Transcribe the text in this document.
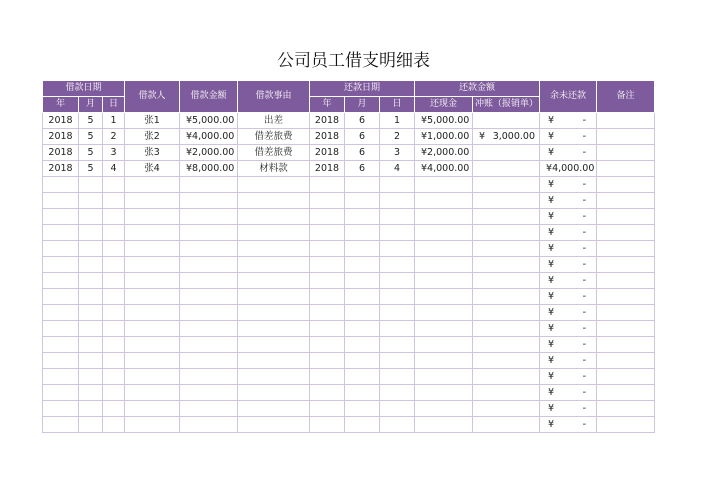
公司员工借支明细表
借款日期			借款人	借款金额	借款事由	还款日期			还款金额		余未还款	备注
年	月	日				年	月	日	还现金	冲账（报销单）		
2018	5	1	张1	¥ 5,000.00	出差	2018	6	1	¥ 5,000.00		¥ -	

2018	5	2	张2	¥ 4,000.00	借差旅费	2018	6	2	¥ 1,000.00	¥ 3,000.00	¥ -	

2018	5	3	张3	¥ 2,000.00	借差旅费	2018	6	3	¥ 2,000.00		¥ -	

2018	5	4	张4	¥ 8,000.00	材料款	2018	6	4	¥ 4,000.00		¥ 4,000.00	

											¥ -	

											¥ -	

											¥ -	

											¥ -	

											¥ -	

											¥ -	

											¥ -	

											¥ -	

											¥ -	

											¥ -	

											¥ -	

											¥ -	

											¥ -	

											¥ -	

											¥ -	

											¥ -	
